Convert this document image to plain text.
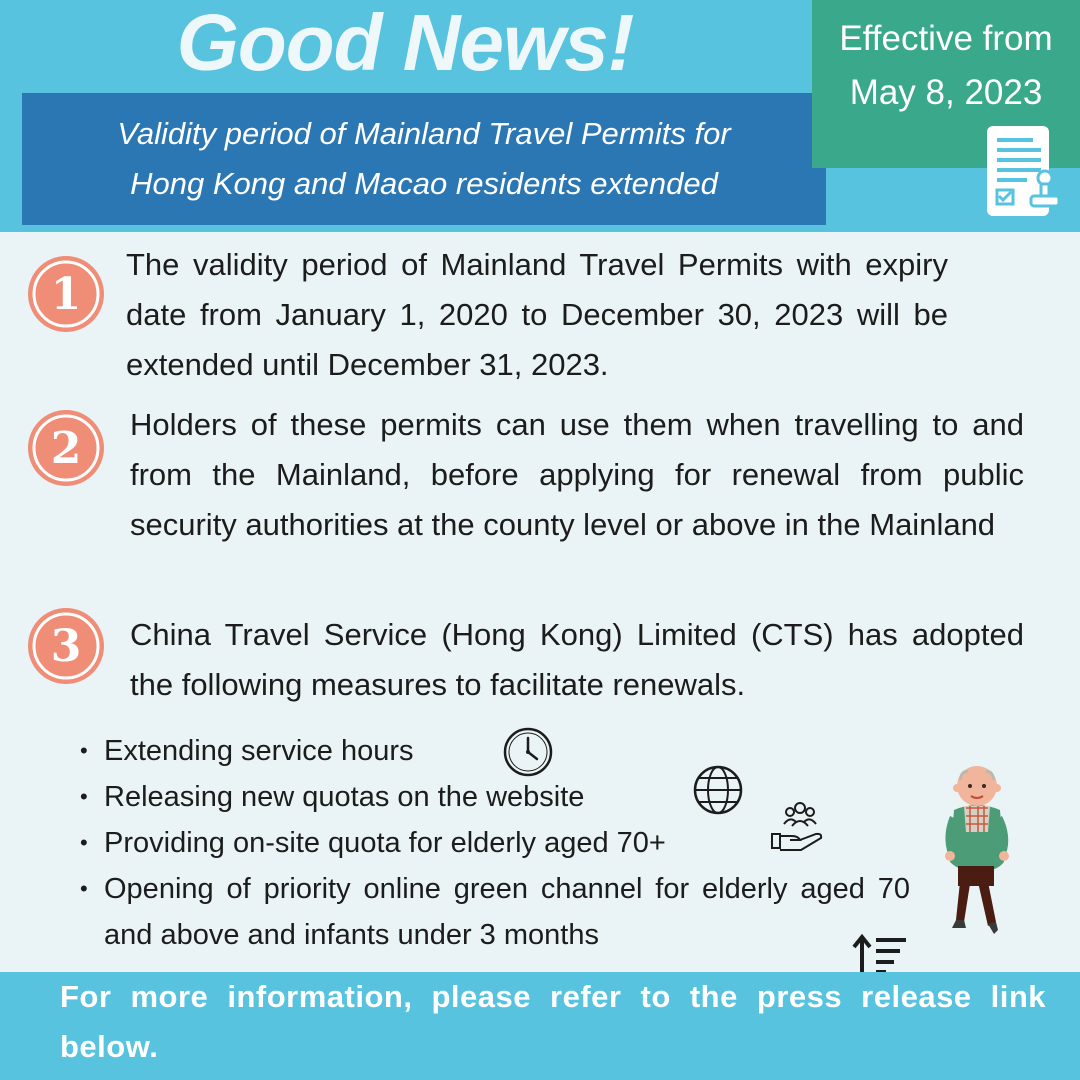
Good News!
Validity period of Mainland Travel Permits for
Hong Kong and Macao residents extended
Effective from
May 8, 2023
1
The validity period of Mainland Travel Permits with expiry date from January 1, 2020 to December 30, 2023 will be extended until December 31, 2023.
2 Holders of these permits can use them when travelling to and from the Mainland, before applying for renewal from public security authorities at the county level or above in the Mainland
3 China Travel Service (Hong Kong) Limited (CTS) has adopted the following measures to facilitate renewals.
• Extending service hours
• Releasing new quotas on the website
• Providing on-site quota for elderly aged 70+
• Opening of priority online green channel for elderly aged 70 and above and infants under 3 months
For more information, please refer to the press release link below.
